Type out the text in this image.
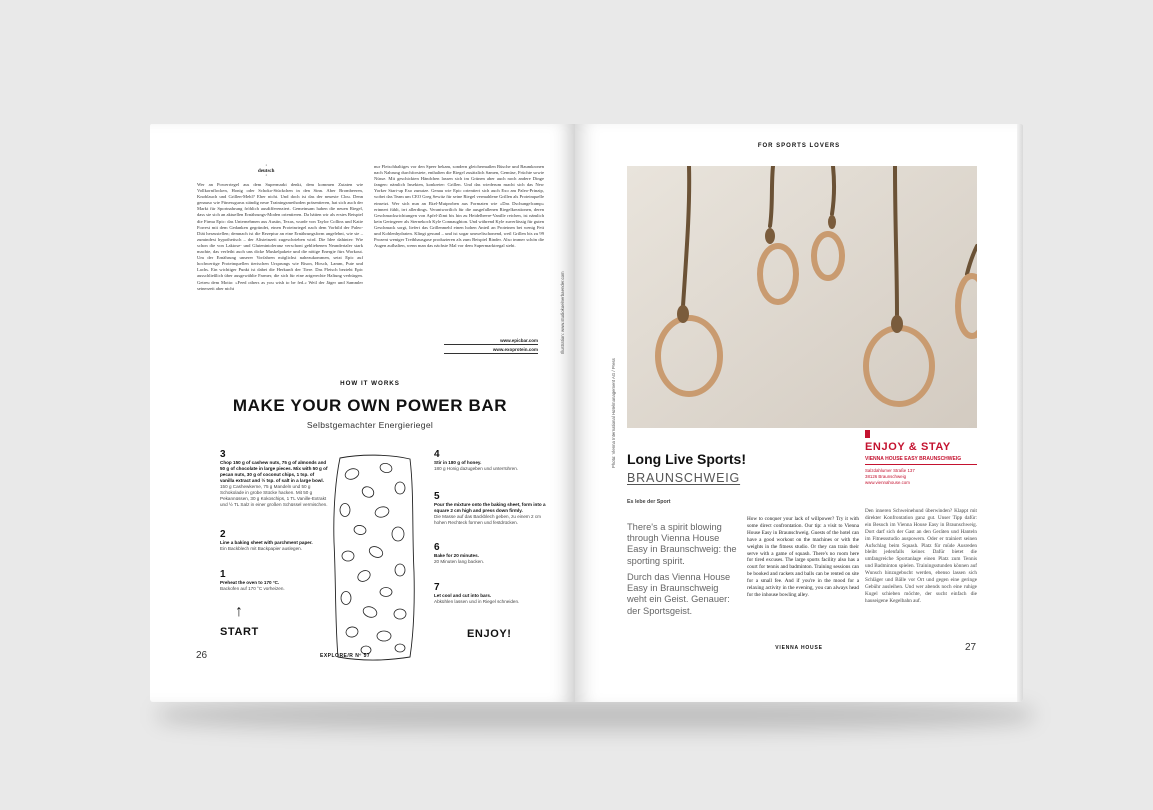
·
deutsch
·
Wer an Powerriegel aus dem Supermarkt denkt, dem kommen Zutaten wie Vollkornflocken, Honig oder Schoko-Stückchen in den Sinn. Aber Brombeeren, Knoblauch und Grillen-Mehl? Eher nicht. Und doch ist das der neueste Clou. Denn genauso wie Fitnessgurus ständig neue Trainingsmethoden präsentieren, hat sich auch der Markt für Sportnahrung fröhlich ausdifferenziert. Gemeinsam haben die neuen Riegel, dass sie sich an aktuellen Ernährungs-Moden orientieren. Da hätten wir als erstes Beispiel die Firma Epic: das Unternehmen aus Austin, Texas, wurde von Taylor Collins und Katie Forrest mit dem Gedanken gegründet, einen Proteinriegel nach dem Vorbild der Paleo-Diät herzustellen; demnach ist die Rezeptur an eine Ernährungsform angelehnt, wie sie – zumindest hypothetisch – der Altsteinzeit zugeschrieben wird. Die Idee dahinter: Wie schon die von Laktose- und Glutenintoleranz verschont gebliebenen Neandertaler stark machte, das verleiht auch uns dicke Muskelpakete und die nötige Energie fürs Workout. Um der Ernährung unserer Vorfahren möglichst nahezukommen, setzt Epic auf hochwertige Proteinquellen tierischen Ursprungs wie Bison, Hirsch, Lamm, Pute und Lachs. Ein wichtiger Punkt ist dabei die Herkunft der Tiere. Das Fleisch bezieht Epic ausschließlich über ausgewählte Farmer, die sich für eine artgerechte Haltung verbürgen. Getreu dem Motto: »Feed others as you wish to be fed.« Weil der Jäger und Sammler seinerzeit aber nicht
nur Fleischhaltiges vor den Speer bekam, sondern gleichermaßen Büsche und Baumkronen nach Nahrung durchforstete, enthalten die Riegel zusätzlich Samen, Gemüse, Früchte sowie Nüsse. Mit geschickten Händchen lassen sich im Grünen aber auch noch andere Dinge fangen: nämlich Insekten, konkreter: Grillen. Und das wiederum macht sich das New Yorker Start-up Exo zunutze. Genau wie Epic orientiert sich auch Exo am Paleo-Prinzip, wobei das Team um CEO Greg Sewitz für seine Riegel vermahlene Grillen als Proteinquelle einsetzt. Wer sich nun an Ekel-Mutproben aus Formaten wie »Das Dschungelcamp« erinnert fühlt, irrt allerdings. Verantwortlich für die ausgefallenen Riegelkreationen, deren Geschmacksrichtungen von Apfel-Zimt bis hin zu Heidelbeere-Vanille reichen, ist nämlich kein Geringerer als Sternekoch Kyle Connaughton. Und während Kyle zuverlässig für guten Geschmack sorgt, liefert das Grillenmehl einen hohen Anteil an Proteinen bei wenig Fett und Kohlenhydraten. Klingt gesund – und ist sogar umweltschonend, weil Grillen bis zu 99 Prozent weniger Treibhausgase produzieren als zum Beispiel Rinder. Also immer schön die Augen aufhalten, wenn man das nächste Mal vor dem Supermarktregal steht.
www.epicbar.com
www.exoprotein.com	Illustration: www.studiokoelnerbaender.com
HOW IT WORKS
MAKE YOUR OWN POWER BAR
Selbstgemachter Energieriegel
3
Chop 150 g of cashew nuts, 75 g of almonds and 50 g of chocolate in large pieces. Mix with 50 g of pecan nuts, 30 g of coconut chips, 1 tsp. of vanilla extract and ½ tsp. of salt in a large bowl.
150 g Cashewkerne, 75 g Mandeln und 50 g Schokolade in grobe Stücke hacken. Mit 50 g Pekannüssen, 30 g Kokoschips, 1 TL Vanille-Extrakt und ½ TL Salz in einer großen Schüssel vermischen.
2
Line a baking sheet with parchment paper.
Ein Backblech mit Backpapier auslegen.
1
Preheat the oven to 170 °C.
Backofen auf 170 °C vorheizen.
↑
START
4
Stir in 180 g of honey.
180 g Honig dazugeben und unterrühren.
5
Pour the mixture onto the baking sheet, form into a square 2 cm high and press down firmly.
Die Masse auf das Backblech geben, zu einem 2 cm hohen Rechteck formen und festdrücken.
6
Bake for 20 minutes.
20 Minuten lang backen.
7
Let cool and cut into bars.
Abkühlen lassen und in Riegel schneiden.
ENJOY!
26	EXPLORE/R Nº 57
FOR SPORTS LOVERS
Photo: Vienna International Hotelmanagement AG / Press Long Live Sports!
BRAUNSCHWEIG
Es lebe der Sport
There's a spirit blowing through Vienna House Easy in Braunschweig: the sporting spirit.
Durch das Vienna House Easy in Braunschweig weht ein Geist. Genauer: der Sportsgeist.
How to conquer your lack of willpower? Try it with some direct confrontation. Our tip: a visit to Vienna House Easy in Braunschweig. Guests of the hotel can have a good workout on the machines or with the weights in the fitness studio. Or they can train their serve with a game of squash. There's no room here for tired excuses. The large sports facility also has a court for tennis and badminton. Training sessions can be booked and rackets and balls can be rented on site for a small fee. And if you're in the mood for a relaxing activity in the evening, you can always head for the inhouse bowling alley.
Den inneren Schweinehund überwinden? Klappt mit direkter Konfrontation ganz gut. Unser Tipp dafür: ein Besuch im Vienna House Easy in Braunschweig. Dort darf sich der Gast an den Geräten und Hanteln im Fitnessstudio auspowern. Oder er trainiert seinen Aufschlag beim Squash. Platz für müde Ausreden bleibt jedenfalls keiner. Dafür bietet die umfangreiche Sportanlage einen Platz zum Tennis und Badminton spielen. Trainingsstunden können auf Wunsch hinzugebucht werden, ebenso lassen sich Schläger und Bälle vor Ort und gegen eine geringe Gebühr ausleihen. Und wer abends noch eine ruhige Kugel schieben möchte, der sucht einfach die hauseigene Kegelbahn auf.
ENJOY & STAY
VIENNA HOUSE EASY BRAUNSCHWEIG
Salzdahlumer Straße 137
38126 Braunschweig
www.viennahouse.com
VIENNA HOUSE	27
